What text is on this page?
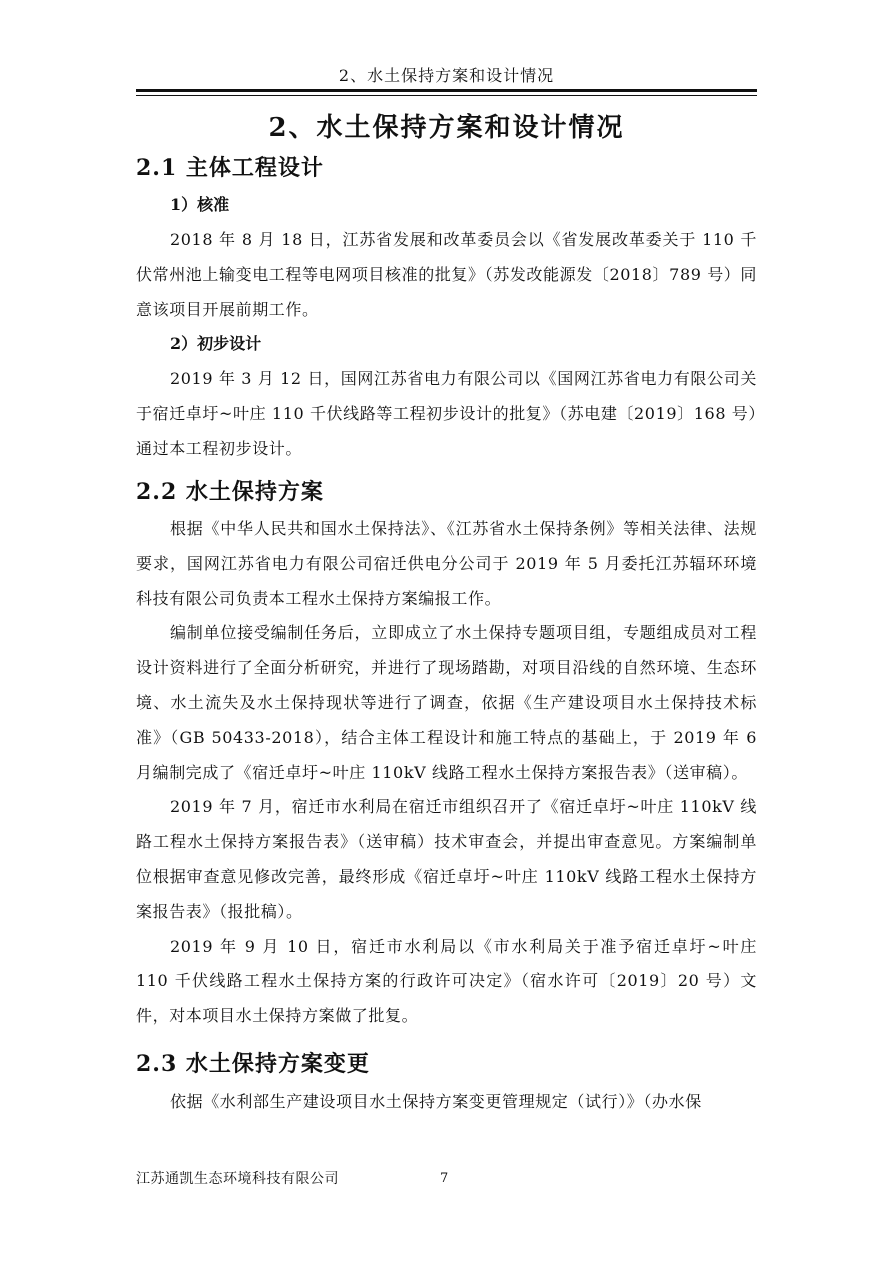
2、水土保持方案和设计情况
2、水土保持方案和设计情况
2.1 主体工程设计
1）核准

2018 年 8 月 18 日，江苏省发展和改革委员会以《省发展改革委关于 110 千伏常州池上输变电工程等电网项目核准的批复》（苏发改能源发〔2018〕789 号）同意该项目开展前期工作。

2）初步设计

2019 年 3 月 12 日，国网江苏省电力有限公司以《国网江苏省电力有限公司关于宿迁卓圩~叶庄 110 千伏线路等工程初步设计的批复》（苏电建〔2019〕168 号）通过本工程初步设计。

2.2 水土保持方案

根据《中华人民共和国水土保持法》、《江苏省水土保持条例》等相关法律、法规要求，国网江苏省电力有限公司宿迁供电分公司于 2019 年 5 月委托江苏辐环环境科技有限公司负责本工程水土保持方案编报工作。

编制单位接受编制任务后，立即成立了水土保持专题项目组，专题组成员对工程设计资料进行了全面分析研究，并进行了现场踏勘，对项目沿线的自然环境、生态环境、水土流失及水土保持现状等进行了调查，依据《生产建设项目水土保持技术标准》（GB 50433-2018），结合主体工程设计和施工特点的基础上，于 2019 年 6 月编制完成了《宿迁卓圩~叶庄 110kV 线路工程水土保持方案报告表》（送审稿）。

2019 年 7 月，宿迁市水利局在宿迁市组织召开了《宿迁卓圩~叶庄 110kV 线路工程水土保持方案报告表》（送审稿）技术审查会，并提出审查意见。方案编制单位根据审查意见修改完善，最终形成《宿迁卓圩~叶庄 110kV 线路工程水土保持方案报告表》（报批稿）。

2019 年 9 月 10 日，宿迁市水利局以《市水利局关于准予宿迁卓圩~叶庄 110 千伏线路工程水土保持方案的行政许可决定》（宿水许可〔2019〕20 号）文件，对本项目水土保持方案做了批复。

2.3 水土保持方案变更

依据《水利部生产建设项目水土保持方案变更管理规定（试行）》（办水保

江苏通凯生态环境科技有限公司	7
